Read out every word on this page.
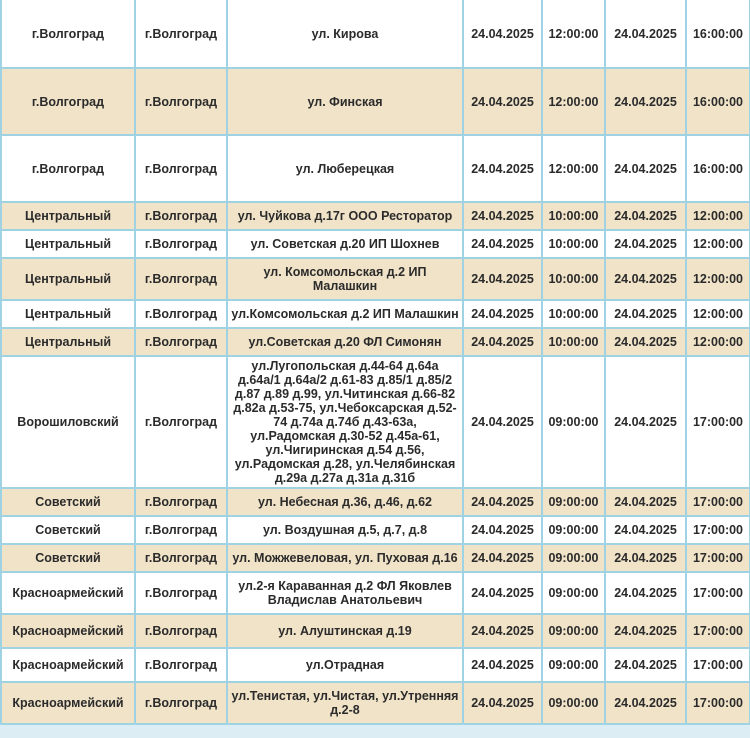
г.Волгоград	г.Волгоград	ул. Кирова	24.04.2025	12:00:00	24.04.2025	16:00:00
г.Волгоград	г.Волгоград	ул. Финская	24.04.2025	12:00:00	24.04.2025	16:00:00
г.Волгоград	г.Волгоград	ул. Люберецкая	24.04.2025	12:00:00	24.04.2025	16:00:00
Центральный	г.Волгоград	ул. Чуйкова д.17г ООО Ресторатор	24.04.2025	10:00:00	24.04.2025	12:00:00
Центральный	г.Волгоград	ул. Советская д.20 ИП Шохнев	24.04.2025	10:00:00	24.04.2025	12:00:00
Центральный	г.Волгоград	ул. Комсомольская д.2 ИП Малашкин	24.04.2025	10:00:00	24.04.2025	12:00:00
Центральный	г.Волгоград	ул.Комсомольская д.2 ИП Малашкин	24.04.2025	10:00:00	24.04.2025	12:00:00
Центральный	г.Волгоград	ул.Советская д.20 ФЛ Симонян	24.04.2025	10:00:00	24.04.2025	12:00:00
Ворошиловский	г.Волгоград	ул.Лугопольская д.44-64 д.64а д.64а/1 д.64а/2 д.61-83 д.85/1 д.85/2 д.87 д.89 д.99, ул.Читинская д.66-82 д.82а д.53-75, ул.Чебоксарская д.52-74 д.74а д.74б д.43-63а, ул.Радомская д.30-52 д.45а-61, ул.Чигиринская д.54 д.56, ул.Радомская д.28, ул.Челябинская д.29а д.27а д.31а д.31б	24.04.2025	09:00:00	24.04.2025	17:00:00
Советский	г.Волгоград	ул. Небесная д.36, д.46, д.62	24.04.2025	09:00:00	24.04.2025	17:00:00
Советский	г.Волгоград	ул. Воздушная д.5, д.7, д.8	24.04.2025	09:00:00	24.04.2025	17:00:00
Советский	г.Волгоград	ул. Можжевеловая, ул. Пуховая д.16	24.04.2025	09:00:00	24.04.2025	17:00:00
Красноармейский	г.Волгоград	ул.2-я Караванная д.2 ФЛ Яковлев Владислав Анатольевич	24.04.2025	09:00:00	24.04.2025	17:00:00
Красноармейский	г.Волгоград	ул. Алуштинская д.19	24.04.2025	09:00:00	24.04.2025	17:00:00
Красноармейский	г.Волгоград	ул.Отрадная	24.04.2025	09:00:00	24.04.2025	17:00:00
Красноармейский	г.Волгоград	ул.Тенистая, ул.Чистая, ул.Утренняя д.2-8	24.04.2025	09:00:00	24.04.2025	17:00:00
